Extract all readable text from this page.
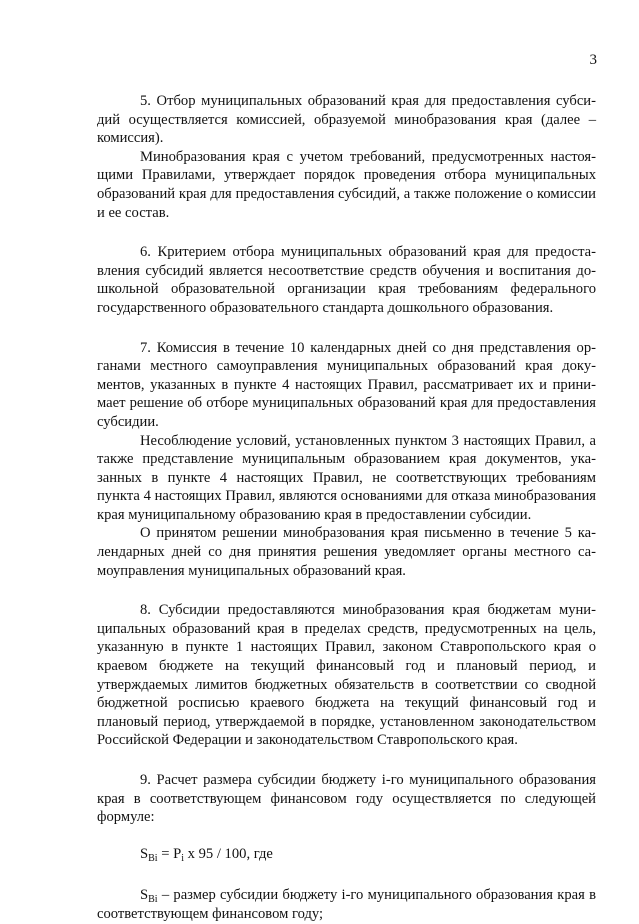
3

5. Отбор муниципальных образований края для предоставления субсидий осуществляется комиссией, образуемой минобразования края (далее – комиссия).

Минобразования края с учетом требований, предусмотренных настоящими Правилами, утверждает порядок проведения отбора муниципальных образований края для предоставления субсидий, а также положение о комиссии и ее состав.

6. Критерием отбора муниципальных образований края для предоставления субсидий является несоответствие средств обучения и воспитания дошкольной образовательной организации края требованиям федерального государственного образовательного стандарта дошкольного образования.

7. Комиссия в течение 10 календарных дней со дня представления органами местного самоуправления муниципальных образований края документов, указанных в пункте 4 настоящих Правил, рассматривает их и принимает решение об отборе муниципальных образований края для предоставления субсидии.

Несоблюдение условий, установленных пунктом 3 настоящих Правил, а также представление муниципальным образованием края документов, указанных в пункте 4 настоящих Правил, не соответствующих требованиям пункта 4 настоящих Правил, являются основаниями для отказа минобразования края муниципальному образованию края в предоставлении субсидии.

О принятом решении минобразования края письменно в течение 5 календарных дней со дня принятия решения уведомляет органы местного самоуправления муниципальных образований края.

8. Субсидии предоставляются минобразования края бюджетам муниципальных образований края в пределах средств, предусмотренных на цель, указанную в пункте 1 настоящих Правил, законом Ставропольского края о краевом бюджете на текущий финансовый год и плановый период, и утверждаемых лимитов бюджетных обязательств в соответствии со сводной бюджетной росписью краевого бюджета на текущий финансовый год и плановый период, утверждаемой в порядке, установленном законодательством Российской Федерации и законодательством Ставропольского края.

9. Расчет размера субсидии бюджету i-го муниципального образования края в соответствующем финансовом году осуществляется по следующей формуле:

$S_{Bi} = P_i$ x 95 / 100, где

$S_{Bi}$ – размер субсидии бюджету i-го муниципального образования края в соответствующем финансовом году;
